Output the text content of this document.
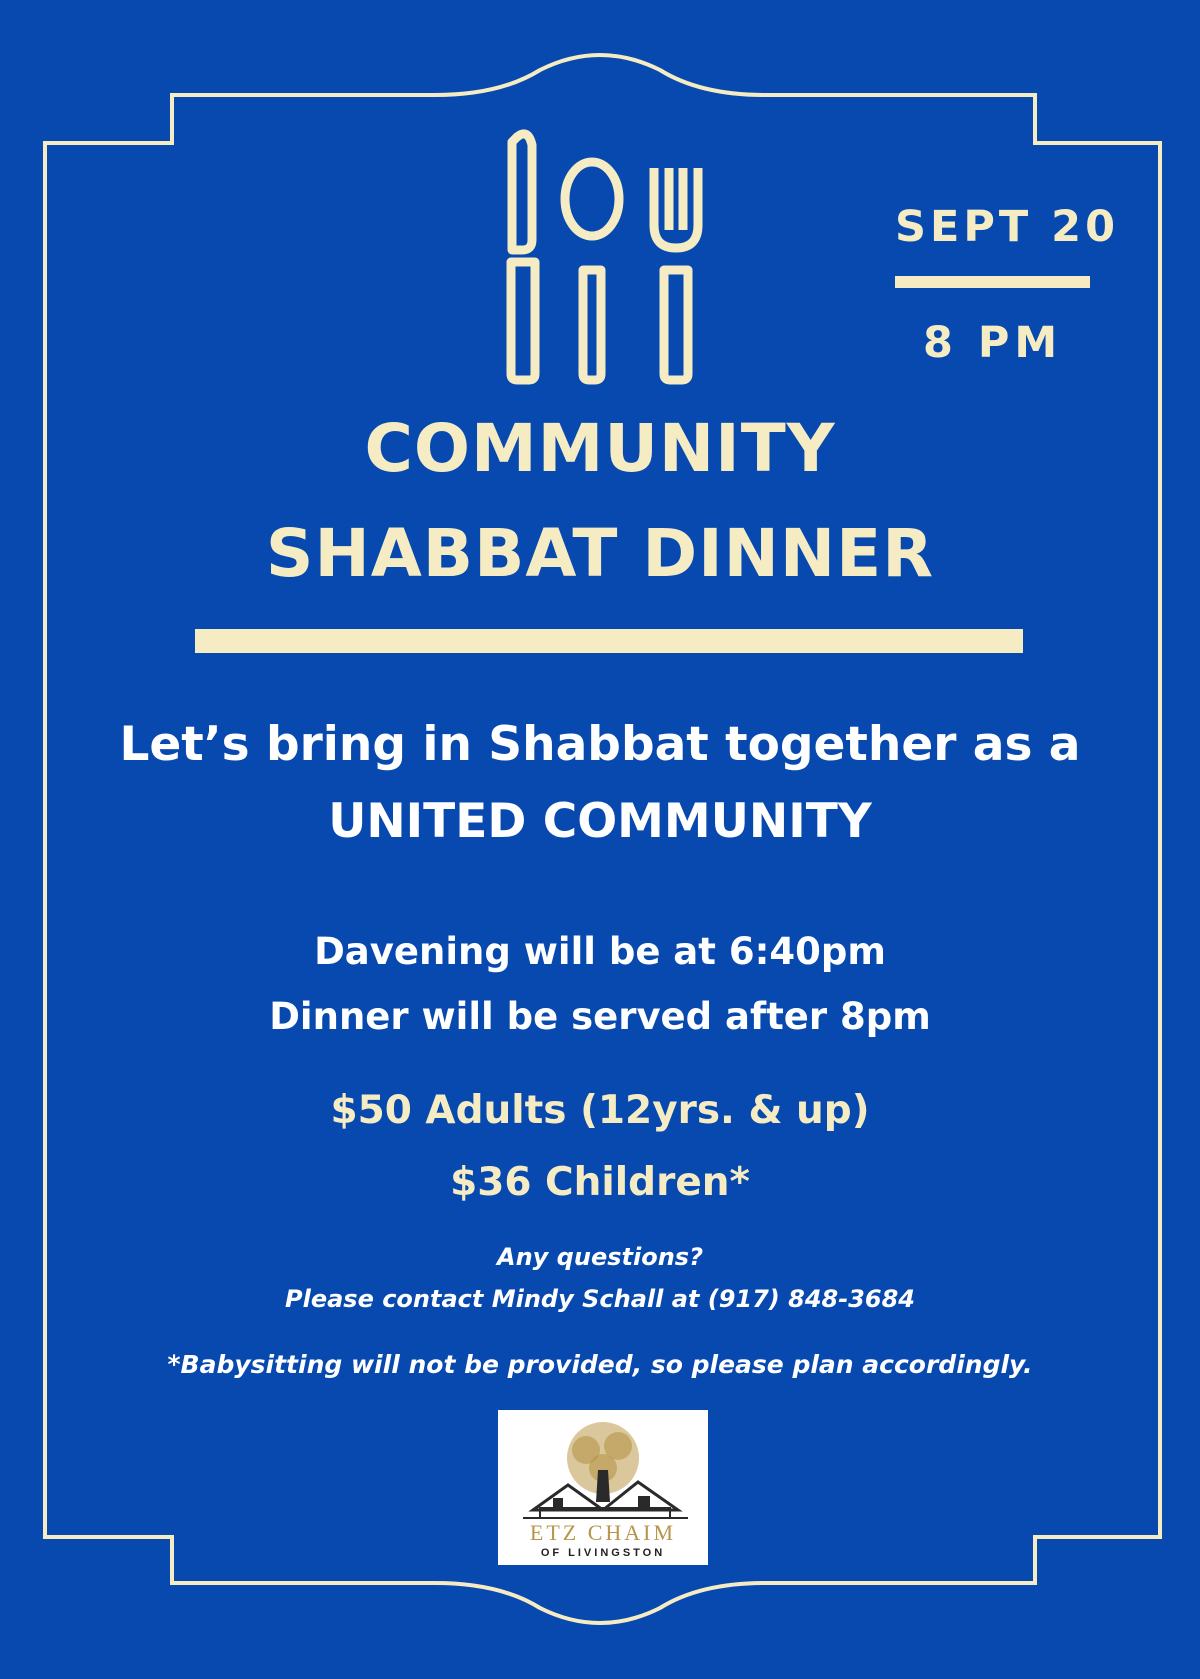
SEPT 20

8 PM

COMMUNITY

SHABBAT DINNER

Let’s bring in Shabbat together as a

UNITED COMMUNITY

Davening will be at 6:40pm

Dinner will be served after 8pm

$50 Adults (12yrs. & up)

$36 Children*

Any questions?

Please contact Mindy Schall at (917) 848-3684

*Babysitting will not be provided, so please plan accordingly.

ETZ CHAIM
OF LIVINGSTON
